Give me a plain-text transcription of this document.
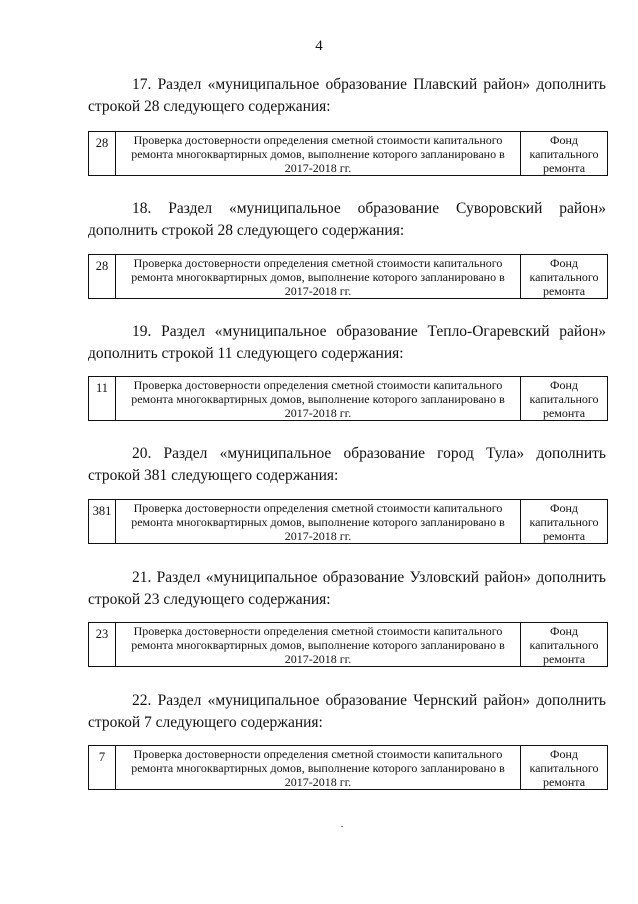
4

17. Раздел «муниципальное образование Плавский район» дополнить строкой 28 следующего содержания:

28	Проверка достоверности определения сметной стоимости капитального ремонта многоквартирных домов, выполнение которого запланировано в 2017-2018 гг.	Фонд капитального ремонта

18. Раздел «муниципальное образование Суворовский район» дополнить строкой 28 следующего содержания:

28	Проверка достоверности определения сметной стоимости капитального ремонта многоквартирных домов, выполнение которого запланировано в 2017-2018 гг.	Фонд капитального ремонта

19. Раздел «муниципальное образование Тепло-Огаревский район» дополнить строкой 11 следующего содержания:

11	Проверка достоверности определения сметной стоимости капитального ремонта многоквартирных домов, выполнение которого запланировано в 2017-2018 гг.	Фонд капитального ремонта

20. Раздел «муниципальное образование город Тула» дополнить строкой 381 следующего содержания:

381	Проверка достоверности определения сметной стоимости капитального ремонта многоквартирных домов, выполнение которого запланировано в 2017-2018 гг.	Фонд капитального ремонта

21. Раздел «муниципальное образование Узловский район» дополнить строкой 23 следующего содержания:

23	Проверка достоверности определения сметной стоимости капитального ремонта многоквартирных домов, выполнение которого запланировано в 2017-2018 гг.	Фонд капитального ремонта

22. Раздел «муниципальное образование Чернский район» дополнить строкой 7 следующего содержания:

7	Проверка достоверности определения сметной стоимости капитального ремонта многоквартирных домов, выполнение которого запланировано в 2017-2018 гг.	Фонд капитального ремонта
